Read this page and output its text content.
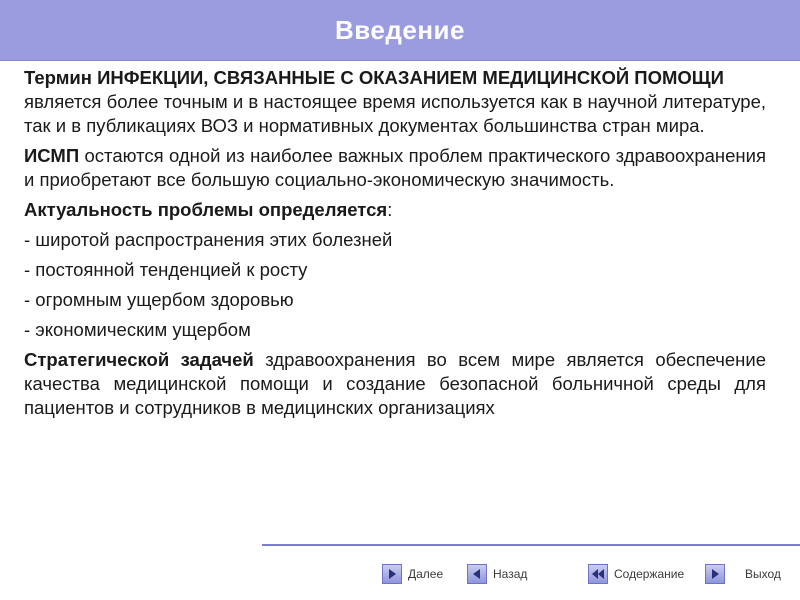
Введение

Термин ИНФЕКЦИИ, СВЯЗАННЫЕ С ОКАЗАНИЕМ МЕДИЦИНСКОЙ ПОМОЩИ

является более точным и в настоящее время используется как в научной литературе, так и в публикациях ВОЗ и нормативных документах большинства стран мира.

ИСМП остаются одной из наиболее важных проблем практического здравоохранения и приобретают все большую социально-экономическую значимость.

Актуальность проблемы определяется:

- широтой распространения этих болезней
- постоянной тенденцией к росту
- огромным ущербом здоровью
- экономическим ущербом

Стратегической задачей здравоохранения во всем мире является обеспечение качества медицинской помощи и создание безопасной больничной среды для пациентов и сотрудников в медицинских организациях

Далее	Назад	Содержание	Выход
